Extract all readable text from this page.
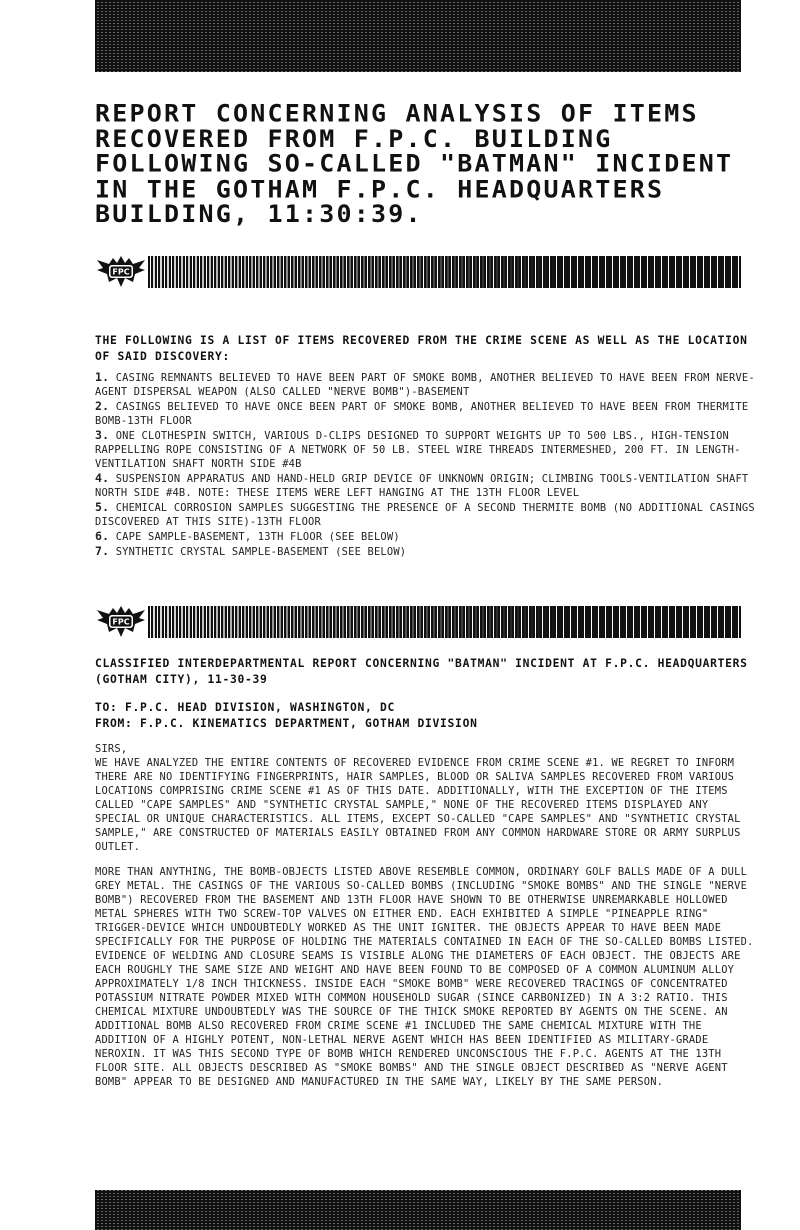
REPORT CONCERNING ANALYSIS OF ITEMS RECOVERED FROM F.P.C. BUILDING FOLLOWING SO-CALLED "BATMAN" INCIDENT IN THE GOTHAM F.P.C. HEADQUARTERS BUILDING, 11:30:39.
FPC
THE FOLLOWING IS A LIST OF ITEMS RECOVERED FROM THE CRIME SCENE AS WELL AS THE LOCATION OF SAID DISCOVERY:

1. CASING REMNANTS BELIEVED TO HAVE BEEN PART OF SMOKE BOMB, ANOTHER BELIEVED TO HAVE BEEN FROM NERVE-AGENT DISPERSAL WEAPON (ALSO CALLED "NERVE BOMB")-BASEMENT

2. CASINGS BELIEVED TO HAVE ONCE BEEN PART OF SMOKE BOMB, ANOTHER BELIEVED TO HAVE BEEN FROM THERMITE BOMB-13TH FLOOR

3. ONE CLOTHESPIN SWITCH, VARIOUS D-CLIPS DESIGNED TO SUPPORT WEIGHTS UP TO 500 LBS., HIGH-TENSION RAPPELLING ROPE CONSISTING OF A NETWORK OF 50 LB. STEEL WIRE THREADS INTERMESHED, 200 FT. IN LENGTH-VENTILATION SHAFT NORTH SIDE #4B

4. SUSPENSION APPARATUS AND HAND-HELD GRIP DEVICE OF UNKNOWN ORIGIN; CLIMBING TOOLS-VENTILATION SHAFT NORTH SIDE #4B. NOTE: THESE ITEMS WERE LEFT HANGING AT THE 13TH FLOOR LEVEL

5. CHEMICAL CORROSION SAMPLES SUGGESTING THE PRESENCE OF A SECOND THERMITE BOMB (NO ADDITIONAL CASINGS DISCOVERED AT THIS SITE)-13TH FLOOR

6. CAPE SAMPLE-BASEMENT, 13TH FLOOR (SEE BELOW)

7. SYNTHETIC CRYSTAL SAMPLE-BASEMENT (SEE BELOW)

FPC
CLASSIFIED INTERDEPARTMENTAL REPORT CONCERNING "BATMAN" INCIDENT AT F.P.C. HEADQUARTERS (GOTHAM CITY), 11-30-39
TO: F.P.C. HEAD DIVISION, WASHINGTON, DC
FROM: F.P.C. KINEMATICS DEPARTMENT, GOTHAM DIVISION
SIRS,

WE HAVE ANALYZED THE ENTIRE CONTENTS OF RECOVERED EVIDENCE FROM CRIME SCENE #1. WE REGRET TO INFORM THERE ARE NO IDENTIFYING FINGERPRINTS, HAIR SAMPLES, BLOOD OR SALIVA SAMPLES RECOVERED FROM VARIOUS LOCATIONS COMPRISING CRIME SCENE #1 AS OF THIS DATE. ADDITIONALLY, WITH THE EXCEPTION OF THE ITEMS CALLED "CAPE SAMPLES" AND "SYNTHETIC CRYSTAL SAMPLE," NONE OF THE RECOVERED ITEMS DISPLAYED ANY SPECIAL OR UNIQUE CHARACTERISTICS. ALL ITEMS, EXCEPT SO-CALLED "CAPE SAMPLES" AND "SYNTHETIC CRYSTAL SAMPLE," ARE CONSTRUCTED OF MATERIALS EASILY OBTAINED FROM ANY COMMON HARDWARE STORE OR ARMY SURPLUS OUTLET.

MORE THAN ANYTHING, THE BOMB-OBJECTS LISTED ABOVE RESEMBLE COMMON, ORDINARY GOLF BALLS MADE OF A DULL GREY METAL. THE CASINGS OF THE VARIOUS SO-CALLED BOMBS (INCLUDING "SMOKE BOMBS" AND THE SINGLE "NERVE BOMB") RECOVERED FROM THE BASEMENT AND 13TH FLOOR HAVE SHOWN TO BE OTHERWISE UNREMARKABLE HOLLOWED METAL SPHERES WITH TWO SCREW-TOP VALVES ON EITHER END. EACH EXHIBITED A SIMPLE "PINEAPPLE RING" TRIGGER-DEVICE WHICH UNDOUBTEDLY WORKED AS THE UNIT IGNITER. THE OBJECTS APPEAR TO HAVE BEEN MADE SPECIFICALLY FOR THE PURPOSE OF HOLDING THE MATERIALS CONTAINED IN EACH OF THE SO-CALLED BOMBS LISTED. EVIDENCE OF WELDING AND CLOSURE SEAMS IS VISIBLE ALONG THE DIAMETERS OF EACH OBJECT. THE OBJECTS ARE EACH ROUGHLY THE SAME SIZE AND WEIGHT AND HAVE BEEN FOUND TO BE COMPOSED OF A COMMON ALUMINUM ALLOY APPROXIMATELY 1/8 INCH THICKNESS. INSIDE EACH "SMOKE BOMB" WERE RECOVERED TRACINGS OF CONCENTRATED POTASSIUM NITRATE POWDER MIXED WITH COMMON HOUSEHOLD SUGAR (SINCE CARBONIZED) IN A 3:2 RATIO. THIS CHEMICAL MIXTURE UNDOUBTEDLY WAS THE SOURCE OF THE THICK SMOKE REPORTED BY AGENTS ON THE SCENE. AN ADDITIONAL BOMB ALSO RECOVERED FROM CRIME SCENE #1 INCLUDED THE SAME CHEMICAL MIXTURE WITH THE ADDITION OF A HIGHLY POTENT, NON-LETHAL NERVE AGENT WHICH HAS BEEN IDENTIFIED AS MILITARY-GRADE NEROXIN. IT WAS THIS SECOND TYPE OF BOMB WHICH RENDERED UNCONSCIOUS THE F.P.C. AGENTS AT THE 13TH FLOOR SITE. ALL OBJECTS DESCRIBED AS "SMOKE BOMBS" AND THE SINGLE OBJECT DESCRIBED AS "NERVE AGENT BOMB" APPEAR TO BE DESIGNED AND MANUFACTURED IN THE SAME WAY, LIKELY BY THE SAME PERSON.
